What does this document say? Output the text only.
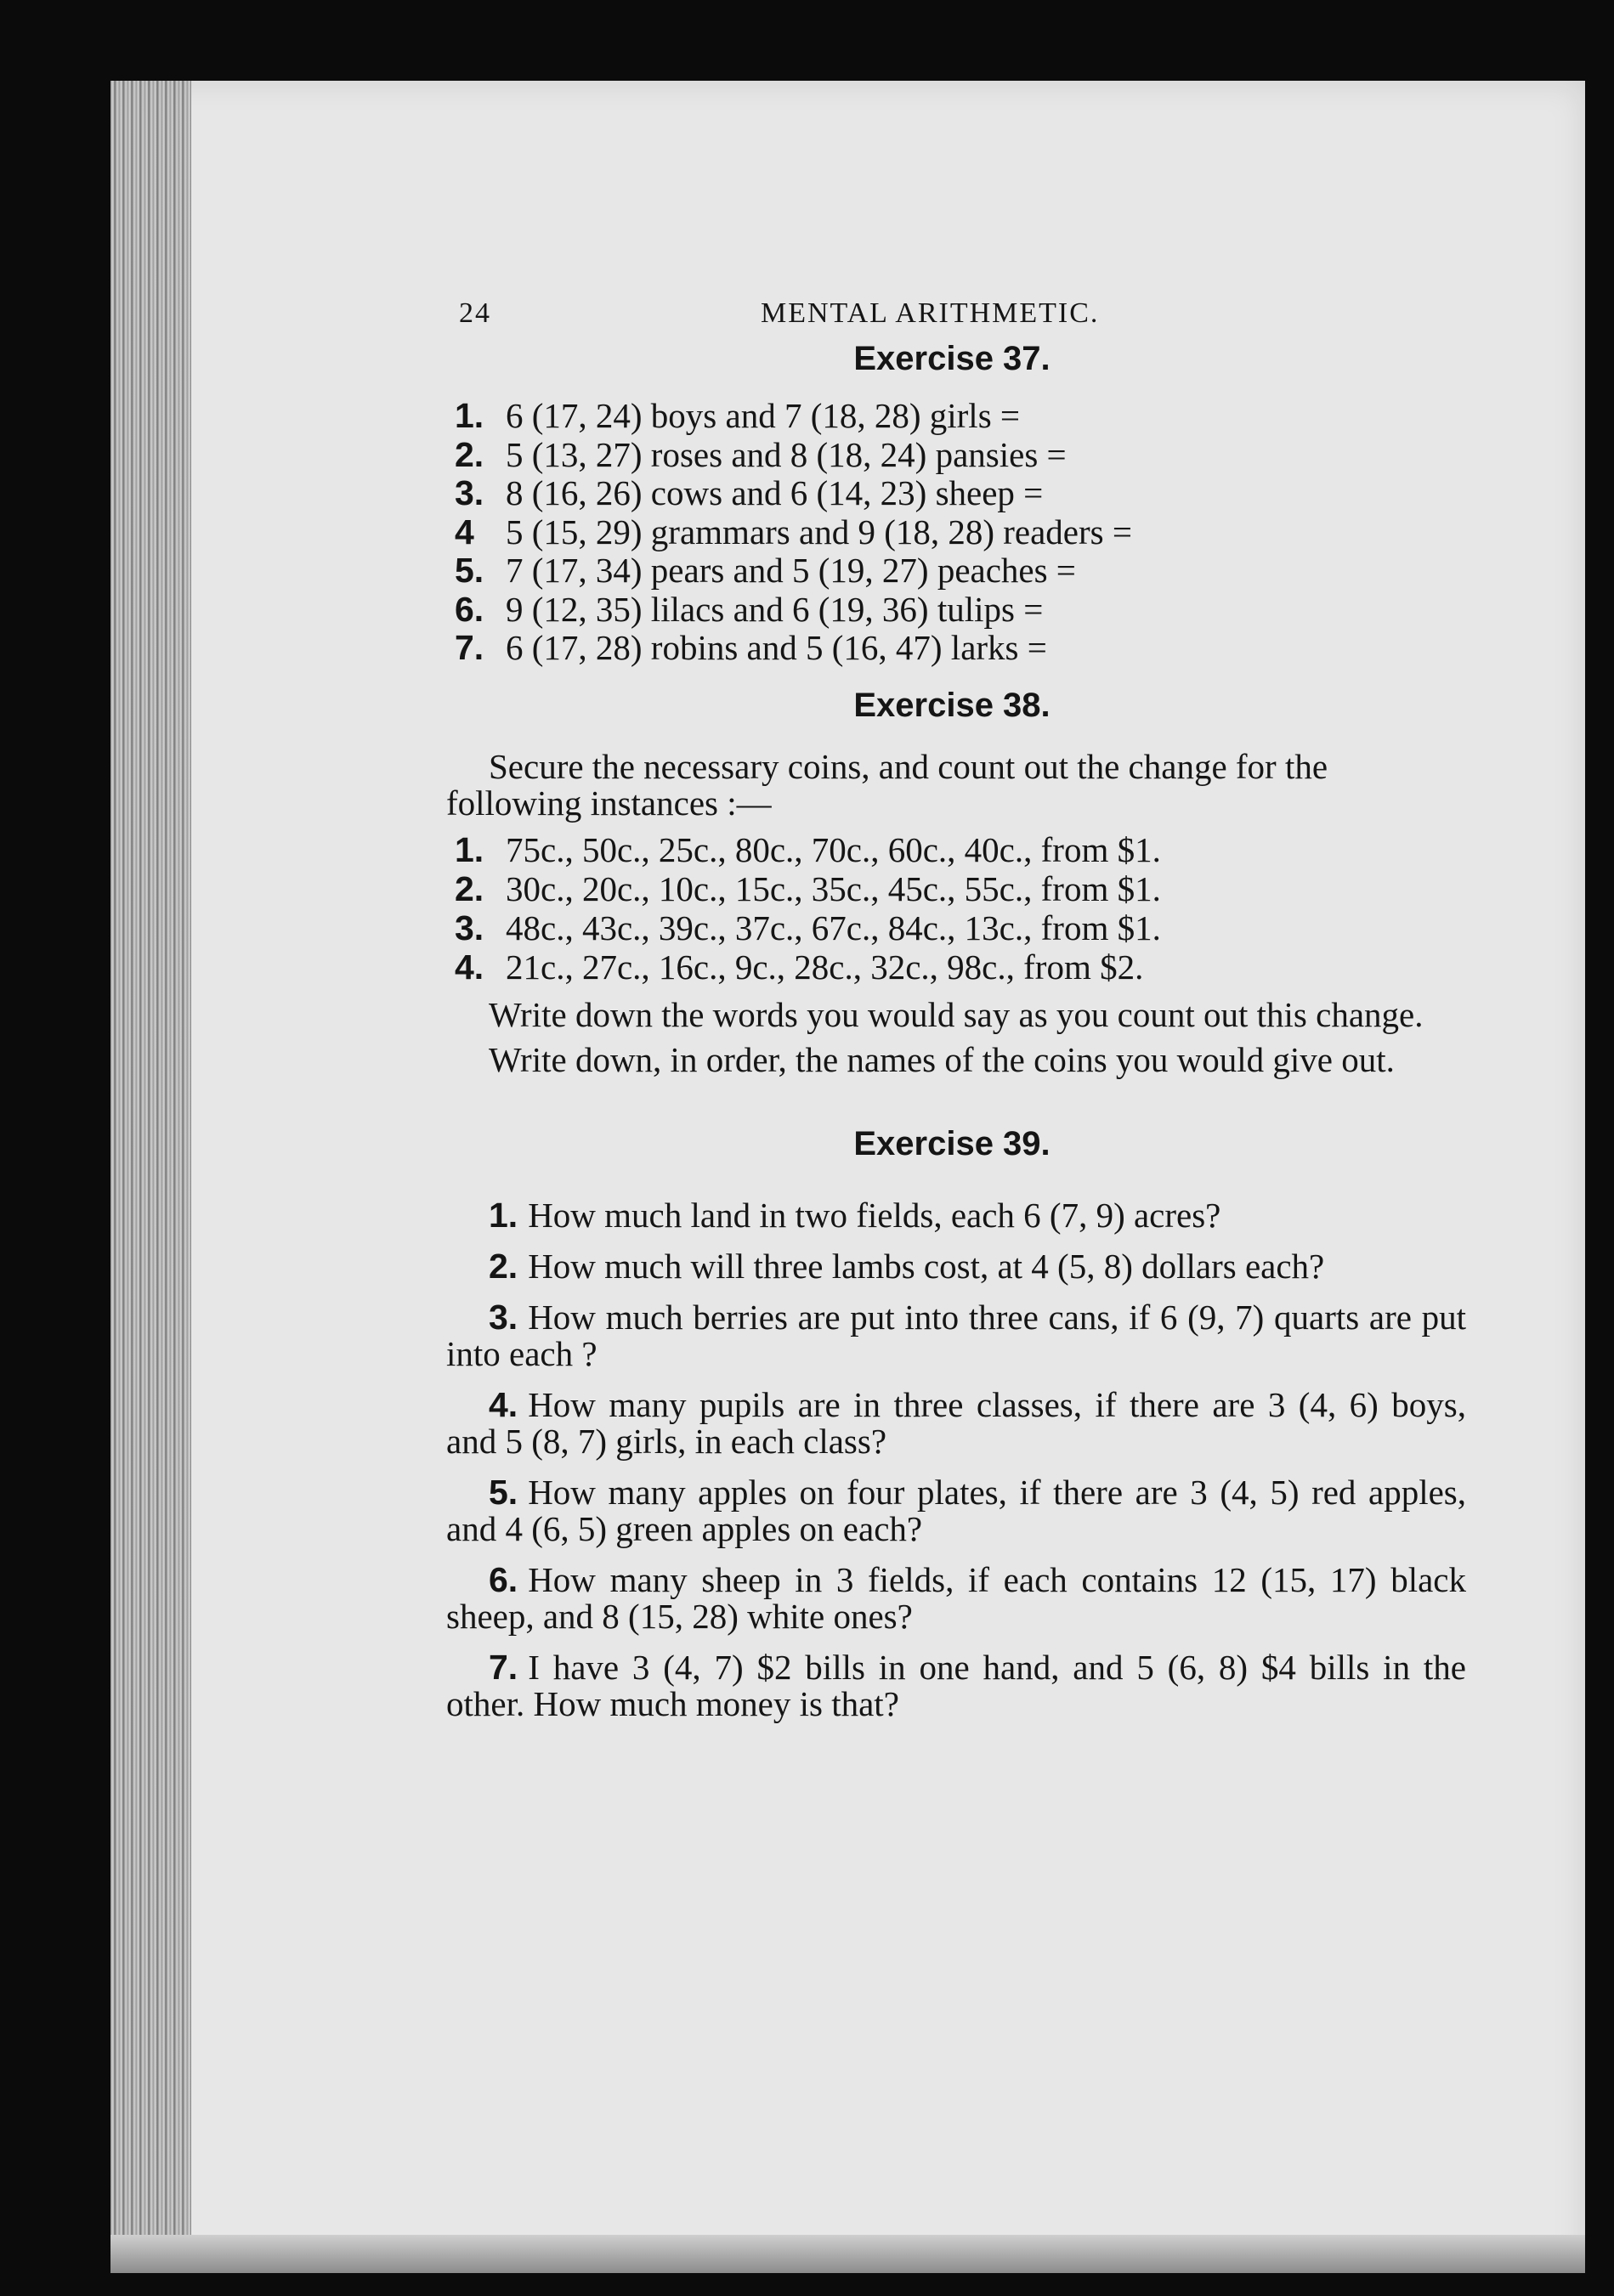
24	MENTAL ARITHMETIC.
Exercise 37.
1. 6 (17, 24) boys and 7 (18, 28) girls =
2. 5 (13, 27) roses and 8 (18, 24) pansies =
3. 8 (16, 26) cows and 6 (14, 23) sheep =
4 5 (15, 29) grammars and 9 (18, 28) readers =
5. 7 (17, 34) pears and 5 (19, 27) peaches =
6. 9 (12, 35) lilacs and 6 (19, 36) tulips =
7. 6 (17, 28) robins and 5 (16, 47) larks =
Exercise 38.

Secure the necessary coins, and count out the change for the following instances :—

1. 75c., 50c., 25c., 80c., 70c., 60c., 40c., from $1.
2. 30c., 20c., 10c., 15c., 35c., 45c., 55c., from $1.
3. 48c., 43c., 39c., 37c., 67c., 84c., 13c., from $1.
4. 21c., 27c., 16c., 9c., 28c., 32c., 98c., from $2.

Write down the words you would say as you count out this change.

Write down, in order, the names of the coins you would give out.

Exercise 39.

1. How much land in two fields, each 6 (7, 9) acres?

2. How much will three lambs cost, at 4 (5, 8) dollars each?

3. How much berries are put into three cans, if 6 (9, 7) quarts are put into each ?

4. How many pupils are in three classes, if there are 3 (4, 6) boys, and 5 (8, 7) girls, in each class?

5. How many apples on four plates, if there are 3 (4, 5) red apples, and 4 (6, 5) green apples on each?

6. How many sheep in 3 fields, if each contains 12 (15, 17) black sheep, and 8 (15, 28) white ones?

7. I have 3 (4, 7) $2 bills in one hand, and 5 (6, 8) $4 bills in the other. How much money is that?
